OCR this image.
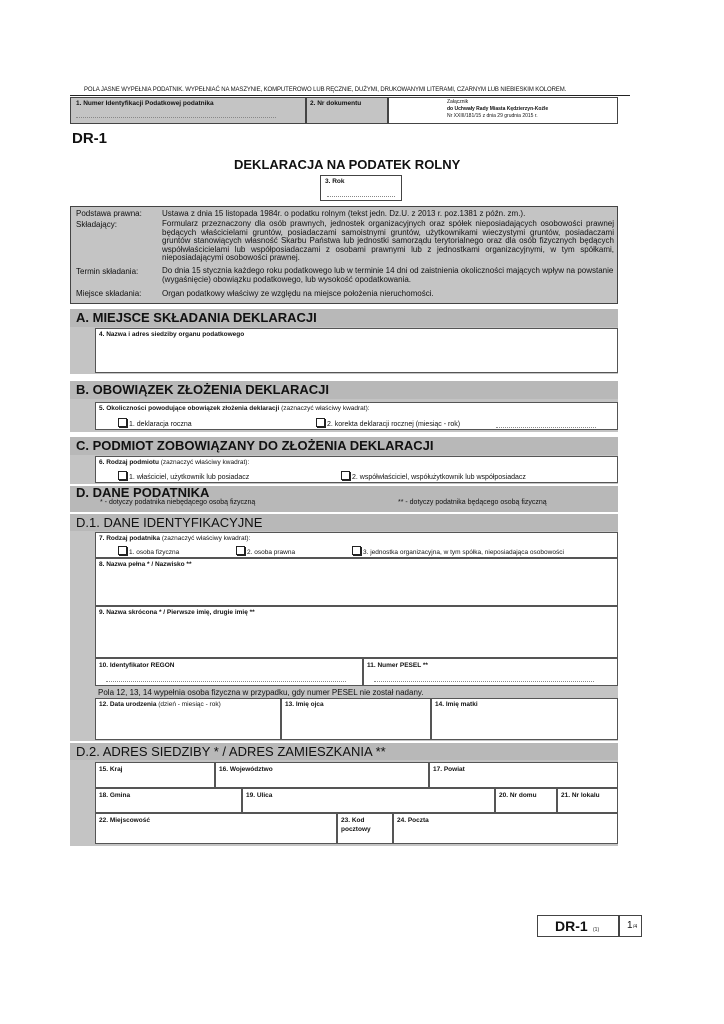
POLA JASNE WYPEŁNIA PODATNIK. WYPEŁNIAĆ NA MASZYNIE, KOMPUTEROWO LUB RĘCZNIE, DUŻYMI, DRUKOWANYMI LITERAMI, CZARNYM LUB NIEBIESKIM KOLOREM.
1. Numer Identyfikacji Podatkowej podatnika	2. Nr dokumentu	Załącznik
do Uchwały Rady Miasta Kędzierzyn-Koźle
Nr XXIII/181/15 z dnia 29 grudnia 2015 r.
DR-1
DEKLARACJA NA PODATEK ROLNY
3. Rok
Podstawa prawna:	Ustawa z dnia 15 listopada 1984r. o podatku rolnym (tekst jedn. Dz.U. z 2013 r. poz.1381 z późn. zm.).
Składający:	Formularz przeznaczony dla osób prawnych, jednostek organizacyjnych oraz spółek nieposiadających osobowości prawnej będących właścicielami gruntów, posiadaczami samoistnymi gruntów, użytkownikami wieczystymi gruntów, posiadaczami gruntów stanowiących własność Skarbu Państwa lub jednostki samorządu terytorialnego oraz dla osób fizycznych będących współwłaścicielami lub współposiadaczami z osobami prawnymi lub z jednostkami organizacyjnymi, w tym spółkami, nieposiadającymi osobowości prawnej.
Termin składania:	Do dnia 15 stycznia każdego roku podatkowego lub w terminie 14 dni od zaistnienia okoliczności mających wpływ na powstanie (wygaśnięcie) obowiązku podatkowego, lub wysokość opodatkowania.
Miejsce składania:	Organ podatkowy właściwy ze względu na miejsce położenia nieruchomości.
A. MIEJSCE SKŁADANIA DEKLARACJI
4. Nazwa i adres siedziby organu podatkowego
B. OBOWIĄZEK ZŁOŻENIA DEKLARACJI
5. Okoliczności powodujące obowiązek złożenia deklaracji (zaznaczyć właściwy kwadrat):
1. deklaracja roczna	2. korekta deklaracji rocznej (miesiąc - rok)
C. PODMIOT ZOBOWIĄZANY DO ZŁOŻENIA DEKLARACJI
6. Rodzaj podmiotu (zaznaczyć właściwy kwadrat):
1. właściciel, użytkownik lub posiadacz	2. współwłaściciel, współużytkownik lub współposiadacz
D. DANE PODATNIKA
* - dotyczy podatnika niebędącego osobą fizyczną	** - dotyczy podatnika będącego osobą fizyczną
D.1. DANE IDENTYFIKACYJNE
7. Rodzaj podatnika (zaznaczyć właściwy kwadrat):
1. osoba fizyczna	2. osoba prawna	3. jednostka organizacyjna, w tym spółka, nieposiadająca osobowości
8. Nazwa pełna * / Nazwisko **
9. Nazwa skrócona * / Pierwsze imię, drugie imię **
10. Identyfikator REGON	11. Numer PESEL **
Pola 12, 13, 14 wypełnia osoba fizyczna w przypadku, gdy numer PESEL nie został nadany.
12. Data urodzenia (dzień - miesiąc - rok)	13. Imię ojca	14. Imię matki
D.2. ADRES SIEDZIBY * / ADRES ZAMIESZKANIA **
15. Kraj	16. Województwo	17. Powiat
18. Gmina	19. Ulica	20. Nr domu	21. Nr lokalu
22. Miejscowość	23. Kod
pocztowy
24. Poczta
DR-1 (1)	1 /4
